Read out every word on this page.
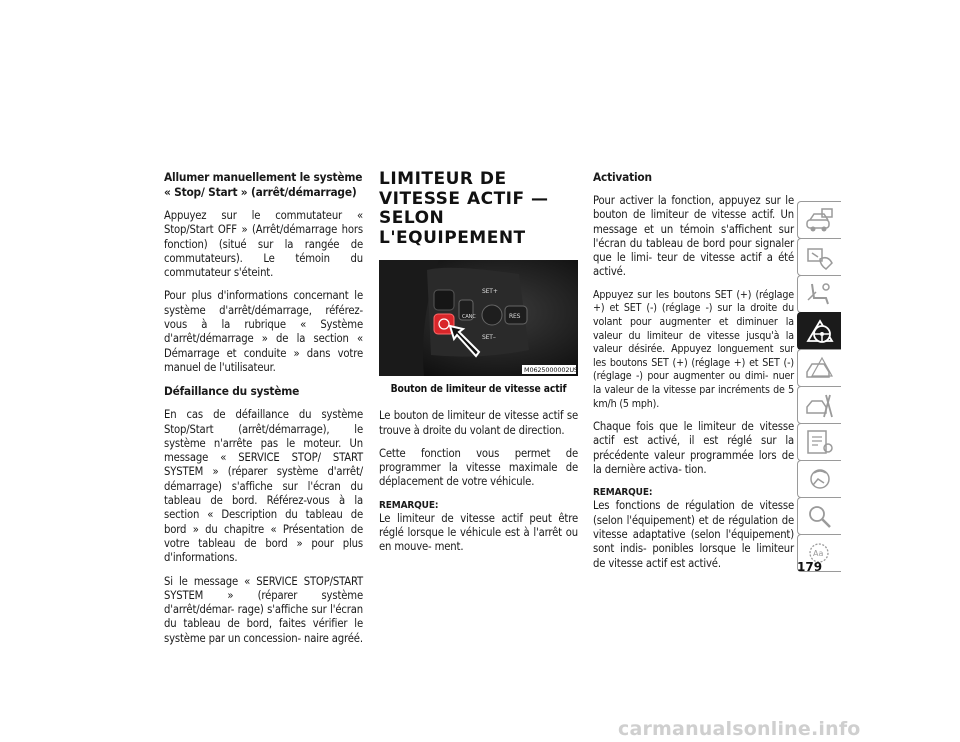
Allumer manuellement le système « Stop/ Start » (arrêt/démarrage)

Appuyez sur le commutateur « Stop/Start OFF » (Arrêt/démarrage hors fonction) (situé sur la rangée de commutateurs). Le témoin du commutateur s'éteint.

Pour plus d'informations concernant le système d'arrêt/démarrage, référez-vous à la rubrique « Système d'arrêt/démarrage » de la section « Démarrage et conduite » dans votre manuel de l'utilisateur.

Défaillance du système

En cas de défaillance du système Stop/Start (arrêt/démarrage), le système n'arrête pas le moteur. Un message « SERVICE STOP/ START SYSTEM » (réparer système d'arrêt/ démarrage) s'affiche sur l'écran du tableau de bord. Référez-vous à la section « Description du tableau de bord » du chapitre « Présentation de votre tableau de bord » pour plus d'informations.

Si le message « SERVICE STOP/START SYSTEM » (réparer système d'arrêt/démar- rage) s'affiche sur l'écran du tableau de bord, faites vérifier le système par un concession- naire agréé.

LIMITEUR DE VITESSE ACTIF — SELON L'EQUIPEMENT
SET+
CANC	RES
SET–
M0625000002US
Bouton de limiteur de vitesse actif

Le bouton de limiteur de vitesse actif se trouve à droite du volant de direction.

Cette fonction vous permet de programmer la vitesse maximale de déplacement de votre véhicule.

REMARQUE:
Le limiteur de vitesse actif peut être réglé lorsque le véhicule est à l'arrêt ou en mouve- ment.

Activation

Pour activer la fonction, appuyez sur le bouton de limiteur de vitesse actif. Un message et un témoin s'affichent sur l'écran du tableau de bord pour signaler que le limi- teur de vitesse actif a été activé.

Appuyez sur les boutons SET (+) (réglage +) et SET (-) (réglage -) sur la droite du volant pour augmenter et diminuer la valeur du limiteur de vitesse jusqu'à la valeur désirée. Appuyez longuement sur les boutons SET (+) (réglage +) et SET (-) (réglage -) pour augmenter ou dimi- nuer la valeur de la vitesse par incréments de 5 km/h (5 mph).

Chaque fois que le limiteur de vitesse actif est activé, il est réglé sur la précédente valeur programmée lors de la dernière activa- tion.

REMARQUE:
Les fonctions de régulation de vitesse (selon l'équipement) et de régulation de vitesse adaptative (selon l'équipement) sont indis- ponibles lorsque le limiteur de vitesse actif est activé.

Aa
179
carmanualsonline.info
